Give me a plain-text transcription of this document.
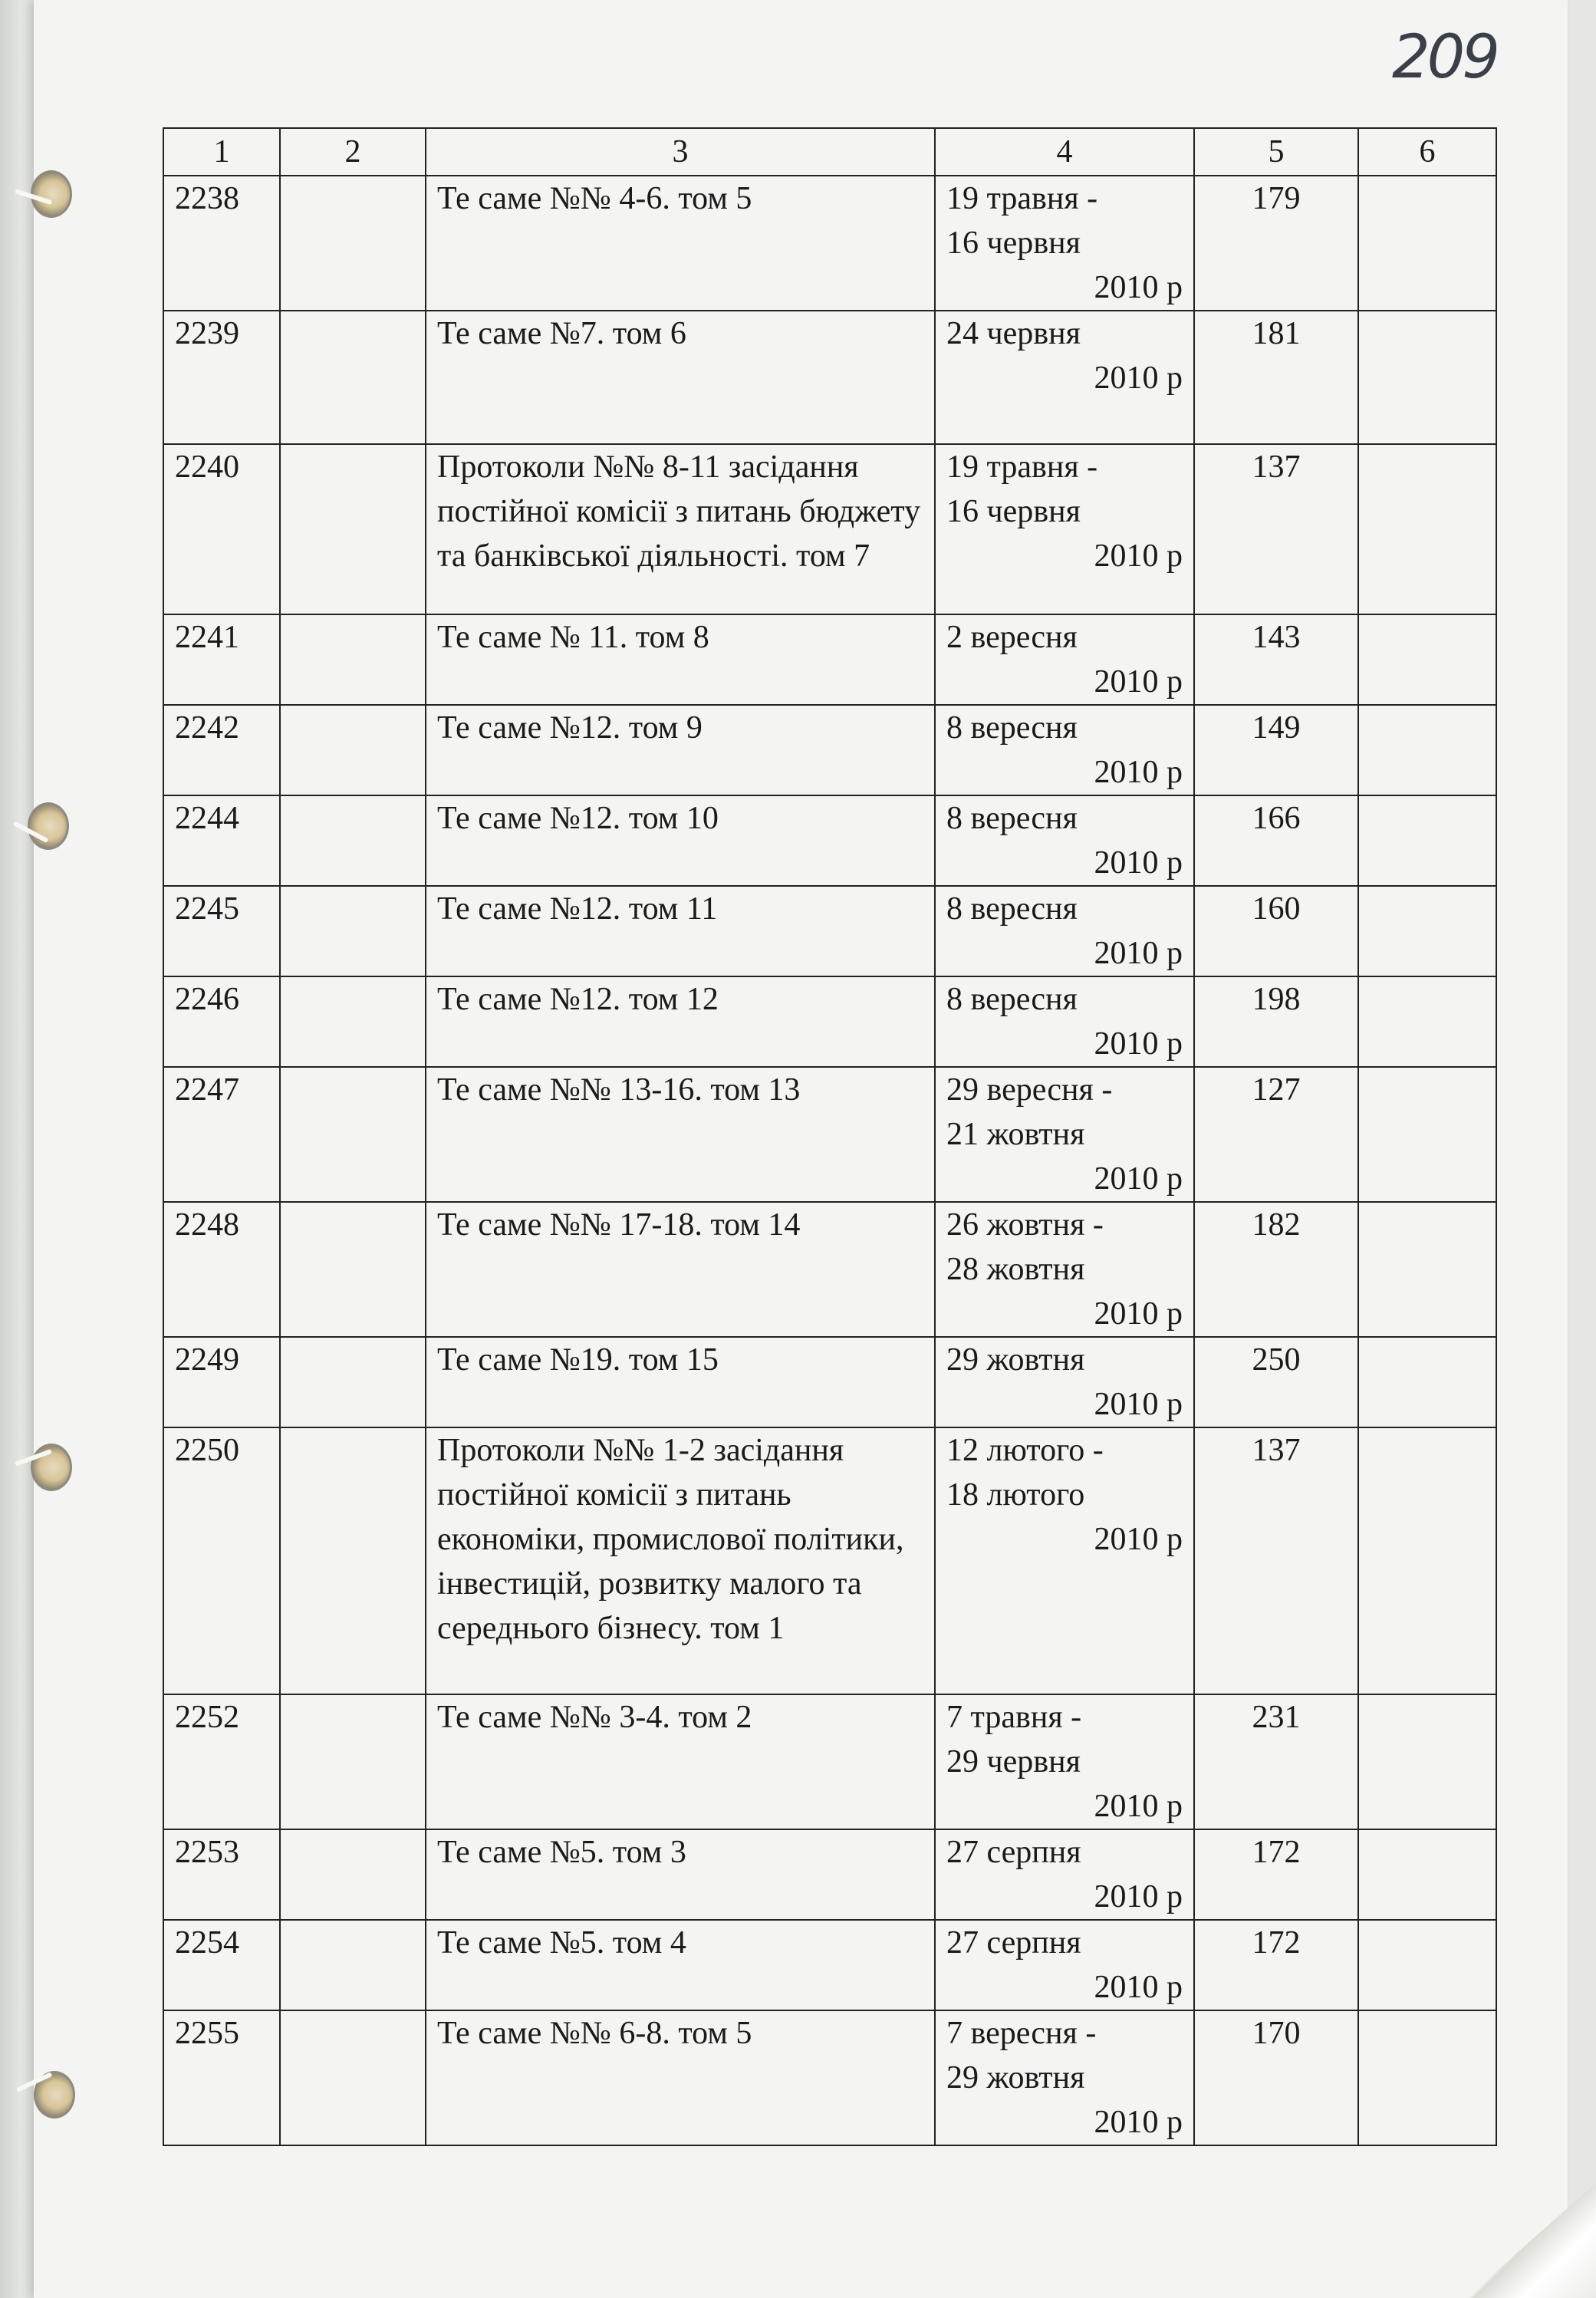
209
1	2	3	4	5	6
2238		Те саме №№ 4-6. том 5	19 травня -
16 червня
2010 р	179	
2239		Те саме №7. том 6	24 червня
2010 р	181	
2240		Протоколи №№ 8-11 засідання постійної комісії з питань бюджету та банківської діяльності. том 7	19 травня -
16 червня
2010 р	137	
2241		Те саме № 11. том 8	2 вересня
2010 р	143	
2242		Те саме №12. том 9	8 вересня
2010 р	149	
2244		Те саме №12. том 10	8 вересня
2010 р	166	
2245		Те саме №12. том 11	8 вересня
2010 р	160	
2246		Те саме №12. том 12	8 вересня
2010 р	198	
2247		Те саме №№ 13-16. том 13	29 вересня -
21 жовтня
2010 р	127	
2248		Те саме №№ 17-18. том 14	26 жовтня -
28 жовтня
2010 р	182	
2249		Те саме №19. том 15	29 жовтня
2010 р	250	
2250		Протоколи №№ 1-2 засідання постійної комісії з питань економіки, промислової політики, інвестицій, розвитку малого та середнього бізнесу. том 1	12 лютого -
18 лютого
2010 р	137	
2252		Те саме №№ 3-4. том 2	7 травня -
29 червня
2010 р	231	
2253		Те саме №5. том 3	27 серпня
2010 р	172	
2254		Те саме №5. том 4	27 серпня
2010 р	172	
2255		Те саме №№ 6-8. том 5	7 вересня -
29 жовтня
2010 р	170	
